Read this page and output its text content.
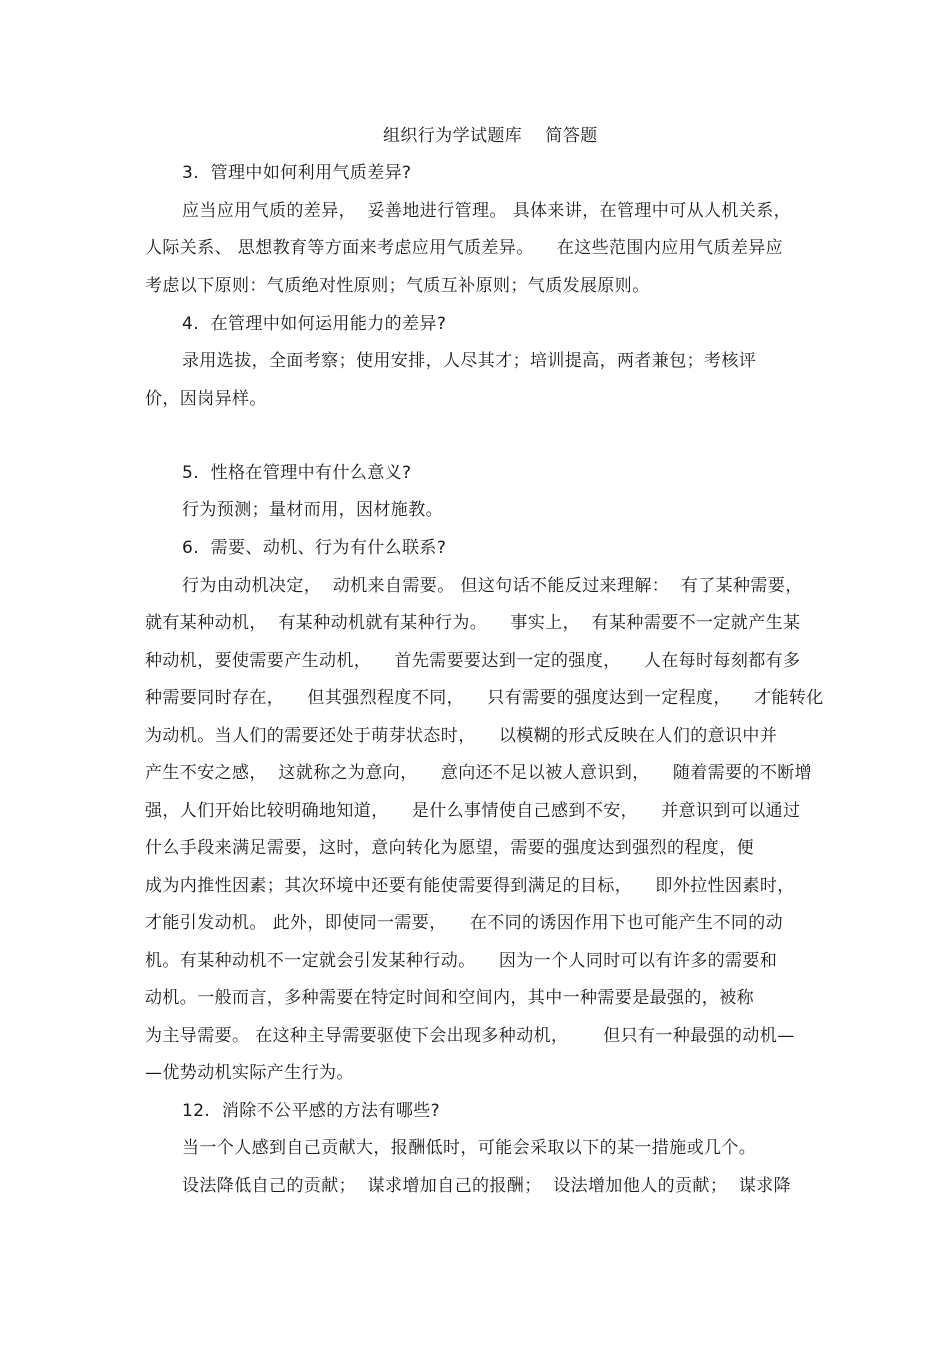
组织行为学试题库    简答题
3.  管理中如何利用气质差异?
应当应用气质的差异，  妥善地进行管理。 具体来讲，在管理中可从人机关系，
人际关系、 思想教育等方面来考虑应用气质差异。    在这些范围内应用气质差异应
考虑以下原则：气质绝对性原则；气质互补原则；气质发展原则。
4.  在管理中如何运用能力的差异?
录用选拔，全面考察；使用安排，人尽其才；培训提高，两者兼包；考核评
价，因岗异样。
5.  性格在管理中有什么意义?
行为预测；量材而用，因材施教。
6.  需要、动机、行为有什么联系?
行为由动机决定，  动机来自需要。 但这句话不能反过来理解：  有了某种需要，
就有某种动机，  有某种动机就有某种行为。    事实上，  有某种需要不一定就产生某
种动机，要使需要产生动机，    首先需要要达到一定的强度，    人在每时每刻都有多
种需要同时存在，    但其强烈程度不同，    只有需要的强度达到一定程度，    才能转化
为动机。当人们的需要还处于萌芽状态时，    以模糊的形式反映在人们的意识中并
产生不安之感，  这就称之为意向，    意向还不足以被人意识到，    随着需要的不断增
强，人们开始比较明确地知道，    是什么事情使自己感到不安，    并意识到可以通过
什么手段来满足需要，这时，意向转化为愿望，需要的强度达到强烈的程度，便
成为内推性因素；其次环境中还要有能使需要得到满足的目标，    即外拉性因素时，
才能引发动机。 此外，即使同一需要，    在不同的诱因作用下也可能产生不同的动
机。有某种动机不一定就会引发某种行动。    因为一个人同时可以有许多的需要和
动机。一般而言，多种需要在特定时间和空间内，其中一种需要是最强的，被称
为主导需要。 在这种主导需要驱使下会出现多种动机，      但只有一种最强的动机—
—优势动机实际产生行为。
12.  消除不公平感的方法有哪些?
当一个人感到自己贡献大，报酬低时，可能会采取以下的某一措施或几个。
设法降低自己的贡献；  谋求增加自己的报酬；  设法增加他人的贡献；  谋求降
